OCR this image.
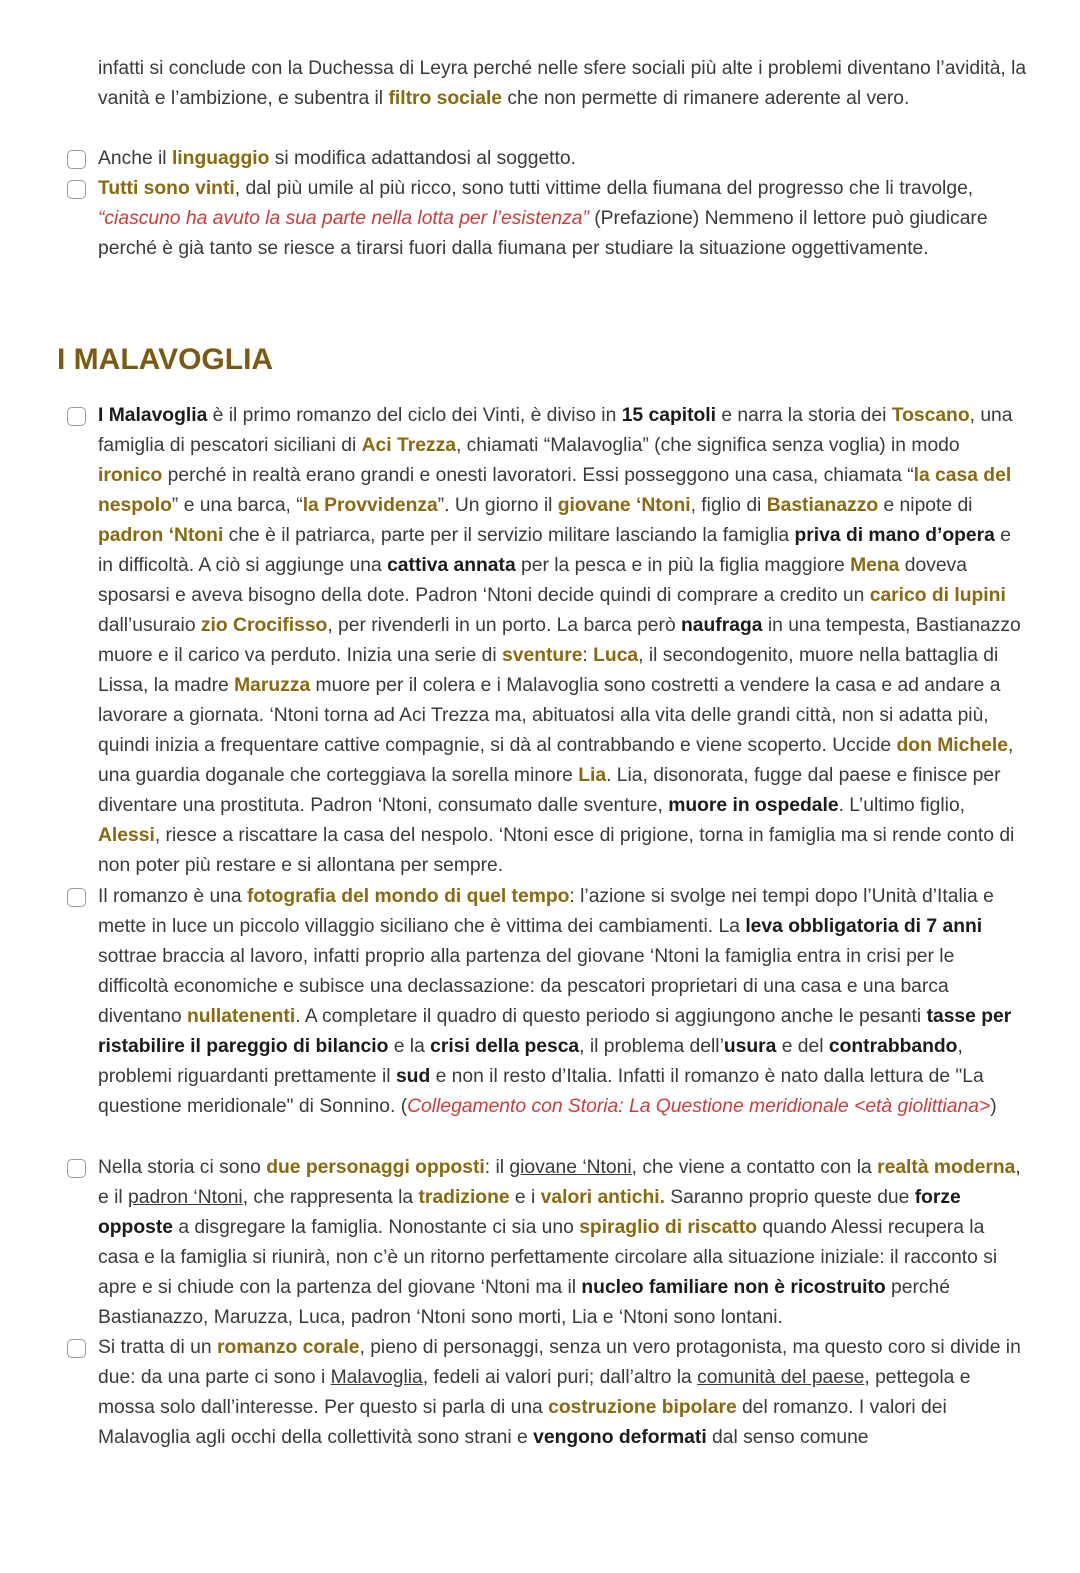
infatti si conclude con la Duchessa di Leyra perché nelle sfere sociali più alte i problemi diventano l’avidità, la vanità e l’ambizione, e subentra il filtro sociale che non permette di rimanere aderente al vero.

Anche il linguaggio si modifica adattandosi al soggetto.

Tutti sono vinti, dal più umile al più ricco, sono tutti vittime della fiumana del progresso che li travolge, “ciascuno ha avuto la sua parte nella lotta per l’esistenza” (Prefazione) Nemmeno il lettore può giudicare perché è già tanto se riesce a tirarsi fuori dalla fiumana per studiare la situazione oggettivamente.

I MALAVOGLIA

I Malavoglia è il primo romanzo del ciclo dei Vinti, è diviso in 15 capitoli e narra la storia dei Toscano, una famiglia di pescatori siciliani di Aci Trezza, chiamati “Malavoglia” (che significa senza voglia) in modo ironico perché in realtà erano grandi e onesti lavoratori. Essi posseggono una casa, chiamata “la casa del nespolo” e una barca, “la Provvidenza”. Un giorno il giovane ‘Ntoni, figlio di Bastianazzo e nipote di padron ‘Ntoni che è il patriarca, parte per il servizio militare lasciando la famiglia priva di mano d’opera e in difficoltà. A ciò si aggiunge una cattiva annata per la pesca e in più la figlia maggiore Mena doveva sposarsi e aveva bisogno della dote. Padron ‘Ntoni decide quindi di comprare a credito un carico di lupini dall’usuraio zio Crocifisso, per rivenderli in un porto. La barca però naufraga in una tempesta, Bastianazzo muore e il carico va perduto. Inizia una serie di sventure: Luca, il secondogenito, muore nella battaglia di Lissa, la madre Maruzza muore per il colera e i Malavoglia sono costretti a vendere la casa e ad andare a lavorare a giornata. ‘Ntoni torna ad Aci Trezza ma, abituatosi alla vita delle grandi città, non si adatta più, quindi inizia a frequentare cattive compagnie, si dà al contrabbando e viene scoperto. Uccide don Michele, una guardia doganale che corteggiava la sorella minore Lia. Lia, disonorata, fugge dal paese e finisce per diventare una prostituta. Padron ‘Ntoni, consumato dalle sventure, muore in ospedale. L’ultimo figlio, Alessi, riesce a riscattare la casa del nespolo. ‘Ntoni esce di prigione, torna in famiglia ma si rende conto di non poter più restare e si allontana per sempre.

Il romanzo è una fotografia del mondo di quel tempo: l’azione si svolge nei tempi dopo l’Unità d’Italia e mette in luce un piccolo villaggio siciliano che è vittima dei cambiamenti. La leva obbligatoria di 7 anni sottrae braccia al lavoro, infatti proprio alla partenza del giovane ‘Ntoni la famiglia entra in crisi per le difficoltà economiche e subisce una declassazione: da pescatori proprietari di una casa e una barca diventano nullatenenti. A completare il quadro di questo periodo si aggiungono anche le pesanti tasse per ristabilire il pareggio di bilancio e la crisi della pesca, il problema dell’usura e del contrabbando, problemi riguardanti prettamente il sud e non il resto d’Italia. Infatti il romanzo è nato dalla lettura de "La questione meridionale" di Sonnino. (Collegamento con Storia: La Questione meridionale <età giolittiana>)

Nella storia ci sono due personaggi opposti: il giovane ‘Ntoni, che viene a contatto con la realtà moderna, e il padron ‘Ntoni, che rappresenta la tradizione e i valori antichi. Saranno proprio queste due forze opposte a disgregare la famiglia. Nonostante ci sia uno spiraglio di riscatto quando Alessi recupera la casa e la famiglia si riunirà, non c’è un ritorno perfettamente circolare alla situazione iniziale: il racconto si apre e si chiude con la partenza del giovane ‘Ntoni ma il nucleo familiare non è ricostruito perché Bastianazzo, Maruzza, Luca, padron ‘Ntoni sono morti, Lia e ‘Ntoni sono lontani.

Si tratta di un romanzo corale, pieno di personaggi, senza un vero protagonista, ma questo coro si divide in due: da una parte ci sono i Malavoglia, fedeli ai valori puri; dall’altro la comunità del paese, pettegola e mossa solo dall’interesse. Per questo si parla di una costruzione bipolare del romanzo. I valori dei Malavoglia agli occhi della collettività sono strani e vengono deformati dal senso comune
